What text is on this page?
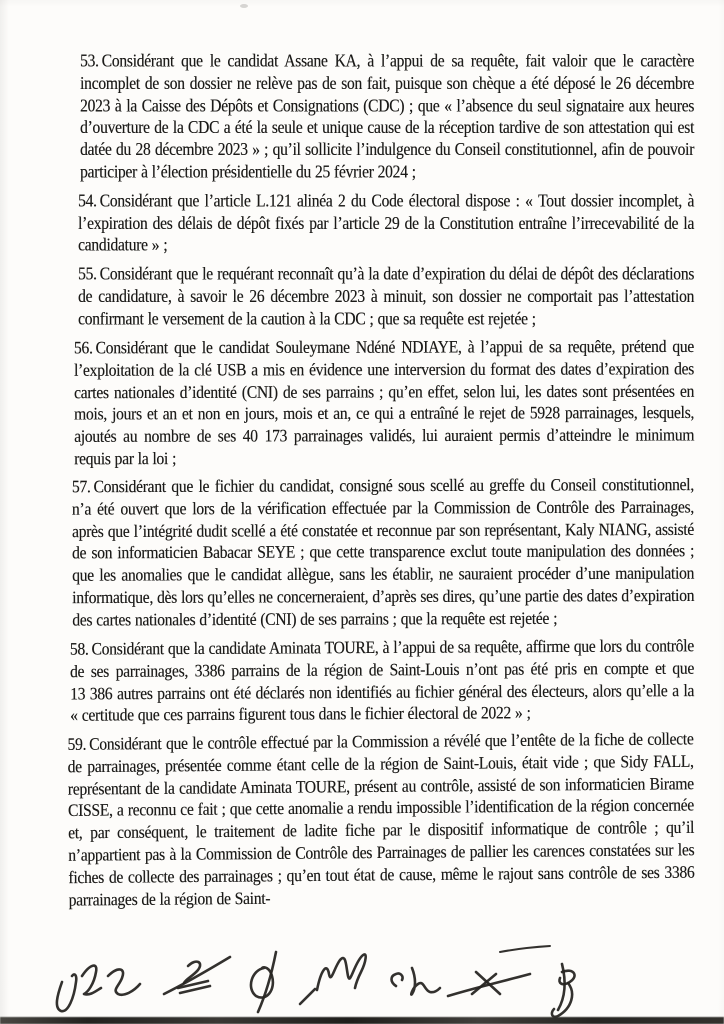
53. Considérant que le candidat Assane KA, à l’appui de sa requête, fait valoir que le caractère incomplet de son dossier ne relève pas de son fait, puisque son chèque a été déposé le 26 décembre 2023 à la Caisse des Dépôts et Consignations (CDC) ; que « l’absence du seul signataire aux heures d’ouverture de la CDC a été la seule et unique cause de la réception tardive de son attestation qui est datée du 28 décembre 2023 » ; qu’il sollicite l’indulgence du Conseil constitutionnel, afin de pouvoir participer à l’élection présidentielle du 25 février 2024 ;

54. Considérant que l’article L.121 alinéa 2 du Code électoral dispose : « Tout dossier incomplet, à l’expiration des délais de dépôt fixés par l’article 29 de la Constitution entraîne l’irrecevabilité de la candidature » ;

55. Considérant que le requérant reconnaît qu’à la date d’expiration du délai de dépôt des déclarations de candidature, à savoir le 26 décembre 2023 à minuit, son dossier ne comportait pas l’attestation confirmant le versement de la caution à la CDC ; que sa requête est rejetée ;

56. Considérant que le candidat Souleymane Ndéné NDIAYE, à l’appui de sa requête, prétend que l’exploitation de la clé USB a mis en évidence une interversion du format des dates d’expiration des cartes nationales d’identité (CNI) de ses parrains ; qu’en effet, selon lui, les dates sont présentées en mois, jours et an et non en jours, mois et an, ce qui a entraîné le rejet de 5928 parrainages, lesquels, ajoutés au nombre de ses 40 173 parrainages validés, lui auraient permis d’atteindre le minimum requis par la loi ;

57. Considérant que le fichier du candidat, consigné sous scellé au greffe du Conseil constitutionnel, n’a été ouvert que lors de la vérification effectuée par la Commission de Contrôle des Parrainages, après que l’intégrité dudit scellé a été constatée et reconnue par son représentant, Kaly NIANG, assisté de son informaticien Babacar SEYE ; que cette transparence exclut toute manipulation des données ; que les anomalies que le candidat allègue, sans les établir, ne sauraient procéder d’une manipulation informatique, dès lors qu’elles ne concerneraient, d’après ses dires, qu’une partie des dates d’expiration des cartes nationales d’identité (CNI) de ses parrains ; que la requête est rejetée ;

58. Considérant que la candidate Aminata TOURE, à l’appui de sa requête, affirme que lors du contrôle de ses parrainages, 3386 parrains de la région de Saint-Louis n’ont pas été pris en compte et que 13 386 autres parrains ont été déclarés non identifiés au fichier général des électeurs, alors qu’elle a la « certitude que ces parrains figurent tous dans le fichier électoral de 2022 » ;

59. Considérant que le contrôle effectué par la Commission a révélé que l’entête de la fiche de collecte de parrainages, présentée comme étant celle de la région de Saint-Louis, était vide ; que Sidy FALL, représentant de la candidate Aminata TOURE, présent au contrôle, assisté de son informaticien Birame CISSE, a reconnu ce fait ; que cette anomalie a rendu impossible l’identification de la région concernée et, par conséquent, le traitement de ladite fiche par le dispositif informatique de contrôle ; qu’il n’appartient pas à la Commission de Contrôle des Parrainages de pallier les carences constatées sur les fiches de collecte des parrainages ; qu’en tout état de cause, même le rajout sans contrôle de ses 3386 parrainages de la région de Saint-
